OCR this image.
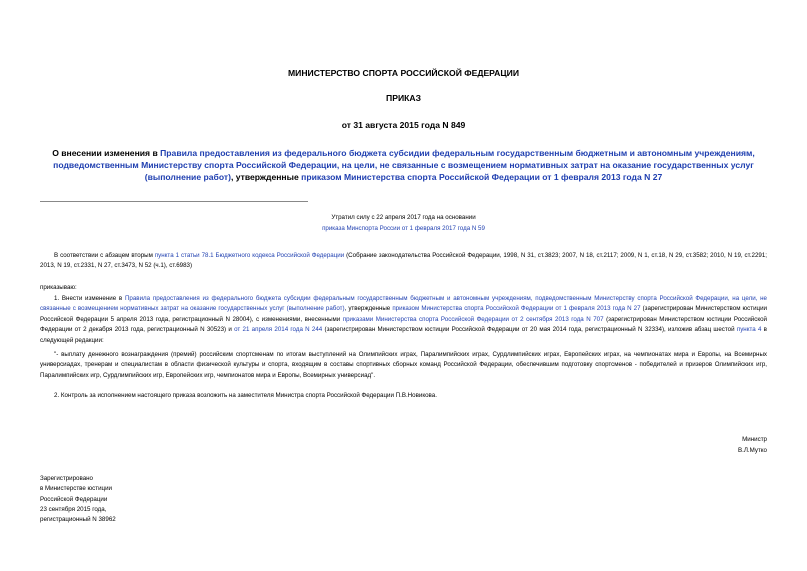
МИНИСТЕРСТВО СПОРТА РОССИЙСКОЙ ФЕДЕРАЦИИ
ПРИКАЗ
от 31 августа 2015 года N 849
О внесении изменения в Правила предоставления из федерального бюджета субсидии федеральным государственным бюджетным и автономным учреждениям, подведомственным Министерству спорта Российской Федерации, на цели, не связанные с возмещением нормативных затрат на оказание государственных услуг (выполнение работ), утвержденные приказом Министерства спорта Российской Федерации от 1 февраля 2013 года N 27
Утратил силу с 22 апреля 2017 года на основании
приказа Минспорта России от 1 февраля 2017 года N 59
В соответствии с абзацем вторым пункта 1 статьи 78.1 Бюджетного кодекса Российской Федерации (Собрание законодательства Российской Федерации, 1998, N 31, ст.3823; 2007, N 18, ст.2117; 2009, N 1, ст.18, N 29, ст.3582; 2010, N 19, ст.2291; 2013, N 19, ст.2331, N 27, ст.3473, N 52 (ч.1), ст.6983)
приказываю:
1. Внести изменение в Правила предоставления из федерального бюджета субсидии федеральным государственным бюджетным и автономным учреждениям, подведомственным Министерству спорта Российской Федерации, на цели, не связанные с возмещением нормативных затрат на оказание государственных услуг (выполнение работ), утвержденные приказом Министерства спорта Российской Федерации от 1 февраля 2013 года N 27 (зарегистрирован Министерством юстиции Российской Федерации 5 апреля 2013 года, регистрационный N 28004), с изменениями, внесенными приказами Министерства спорта Российской Федерации от 2 сентября 2013 года N 707 (зарегистрирован Министерством юстиции Российской Федерации от 2 декабря 2013 года, регистрационный N 30523) и от 21 апреля 2014 года N 244 (зарегистрирован Министерством юстиции Российской Федерации от 20 мая 2014 года, регистрационный N 32334), изложив абзац шестой пункта 4 в следующей редакции:
"- выплату денежного вознаграждения (премий) российским спортсменам по итогам выступлений на Олимпийских играх, Паралимпийских играх, Сурдлимпийских играх, Европейских играх, на чемпионатах мира и Европы, на Всемирных универсиадах, тренерам и специалистам в области физической культуры и спорта, входящим в составы спортивных сборных команд Российской Федерации, обеспечившим подготовку спортсменов - победителей и призеров Олимпийских игр, Паралимпийских игр, Сурдлимпийских игр, Европейских игр, чемпионатов мира и Европы, Всемирных универсиад".
2. Контроль за исполнением настоящего приказа возложить на заместителя Министра спорта Российской Федерации П.В.Новикова.
Министр
В.Л.Мутко
Зарегистрировано
в Министерстве юстиции
Российской Федерации
23 сентября 2015 года,
регистрационный N 38962
